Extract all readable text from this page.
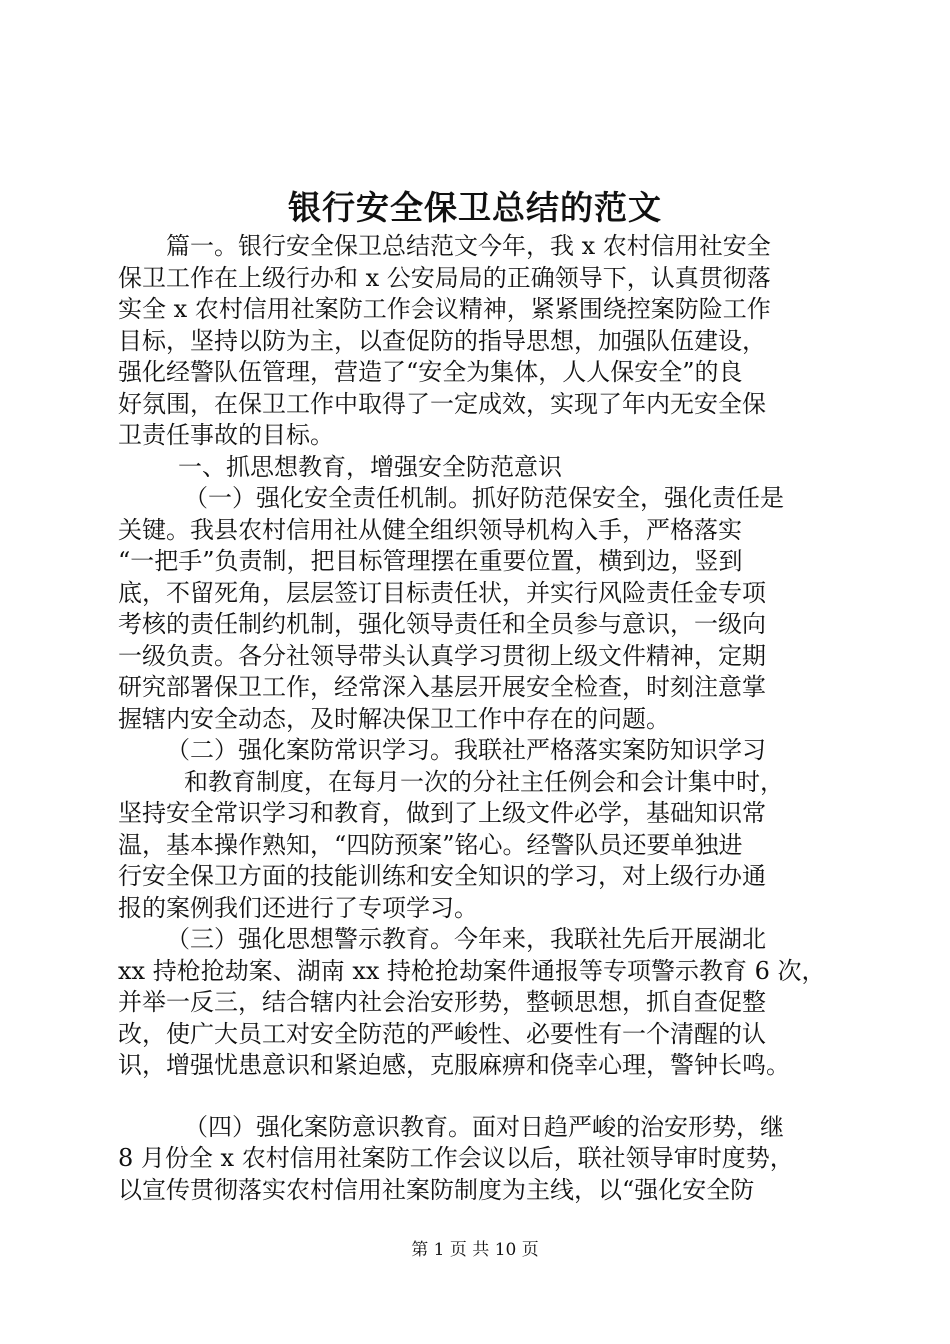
银行安全保卫总结的范文
篇一。银行安全保卫总结范文今年，我 x 农村信用社安全
保卫工作在上级行办和 x 公安局局的正确领导下，认真贯彻落
实全 x 农村信用社案防工作会议精神，紧紧围绕控案防险工作
目标，坚持以防为主，以查促防的指导思想，加强队伍建设，
强化经警队伍管理，营造了“安全为集体，人人保安全”的良
好氛围，在保卫工作中取得了一定成效，实现了年内无安全保
卫责任事故的目标。
一、抓思想教育，增强安全防范意识
（一）强化安全责任机制。抓好防范保安全，强化责任是
关键。我县农村信用社从健全组织领导机构入手，严格落实
“一把手”负责制，把目标管理摆在重要位置，横到边，竖到
底，不留死角，层层签订目标责任状，并实行风险责任金专项
考核的责任制约机制，强化领导责任和全员参与意识，一级向
一级负责。各分社领导带头认真学习贯彻上级文件精神，定期
研究部署保卫工作，经常深入基层开展安全检查，时刻注意掌
握辖内安全动态，及时解决保卫工作中存在的问题。
（二）强化案防常识学习。我联社严格落实案防知识学习
和教育制度，在每月一次的分社主任例会和会计集中时，
坚持安全常识学习和教育，做到了上级文件必学，基础知识常
温，基本操作熟知，“四防预案”铭心。经警队员还要单独进
行安全保卫方面的技能训练和安全知识的学习，对上级行办通
报的案例我们还进行了专项学习。
（三）强化思想警示教育。今年来，我联社先后开展湖北
xx 持枪抢劫案、湖南 xx 持枪抢劫案件通报等专项警示教育 6 次，
并举一反三，结合辖内社会治安形势，整顿思想，抓自查促整
改，使广大员工对安全防范的严峻性、必要性有一个清醒的认
识，增强忧患意识和紧迫感，克服麻痹和侥幸心理，警钟长鸣。
（四）强化案防意识教育。面对日趋严峻的治安形势，继
8 月份全 x 农村信用社案防工作会议以后，联社领导审时度势，
以宣传贯彻落实农村信用社案防制度为主线，以“强化安全防
第 1 页 共 10 页
